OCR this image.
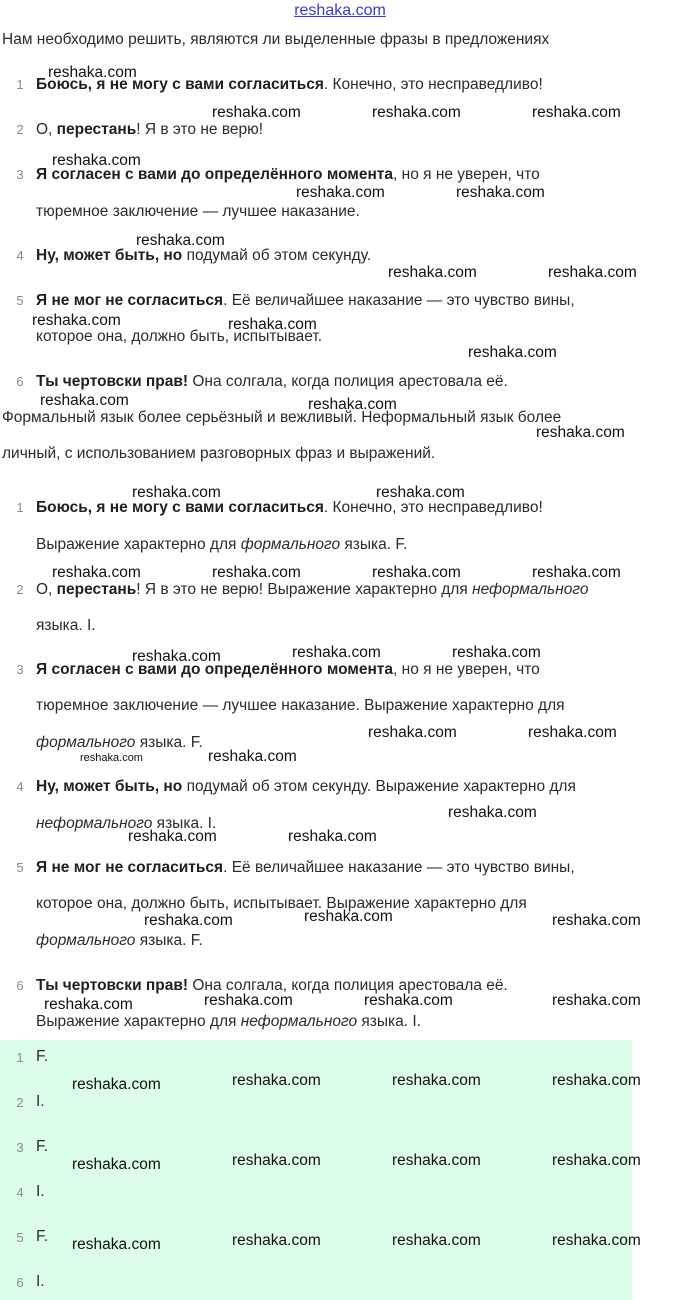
reshaka.com
Нам необходимо решить, являются ли выделенные фразы в предложениях
1 Боюсь, я не могу с вами согласиться. Конечно, это несправедливо!
2 О, перестань! Я в это не верю!
3 Я согласен с вами до определённого момента, но я не уверен, что
тюремное заключение — лучшее наказание.
4 Ну, может быть, но подумай об этом секунду.
5 Я не мог не согласиться. Её величайшее наказание — это чувство вины,
которое она, должно быть, испытывает.
6 Ты чертовски прав! Она солгала, когда полиция арестовала её.
Формальный язык более серьёзный и вежливый. Неформальный язык более
личный, с использованием разговорных фраз и выражений.
1 Боюсь, я не могу с вами согласиться. Конечно, это несправедливо!
Выражение характерно для формального языка. F.
2 О, перестань! Я в это не верю! Выражение характерно для неформального
языка. I.
3 Я согласен с вами до определённого момента, но я не уверен, что
тюремное заключение — лучшее наказание. Выражение характерно для
формального языка. F.
4 Ну, может быть, но подумай об этом секунду. Выражение характерно для
неформального языка. I.
5 Я не мог не согласиться. Её величайшее наказание — это чувство вины,
которое она, должно быть, испытывает. Выражение характерно для
формального языка. F.
6 Ты чертовски прав! Она солгала, когда полиция арестовала её.
Выражение характерно для неформального языка. I.
1 F.
2 I.
3 F.
4 I.
5 F.
6 I.
reshaka.com
reshaka.com	reshaka.com	reshaka.com
reshaka.com
reshaka.com	reshaka.com
reshaka.com
reshaka.com	reshaka.com
reshaka.com	reshaka.com
reshaka.com
reshaka.com	reshaka.com
reshaka.com
reshaka.com	reshaka.com
reshaka.com	reshaka.com	reshaka.com	reshaka.com
reshaka.com	reshaka.com	reshaka.com
reshaka.com	reshaka.com
reshaka.com	reshaka.com
reshaka.com
reshaka.com	reshaka.com
reshaka.com	reshaka.com	reshaka.com
reshaka.com	reshaka.com	reshaka.com	reshaka.com
reshaka.com	reshaka.com	reshaka.com	reshaka.com
reshaka.com	reshaka.com	reshaka.com	reshaka.com
reshaka.com	reshaka.com	reshaka.com	reshaka.com
